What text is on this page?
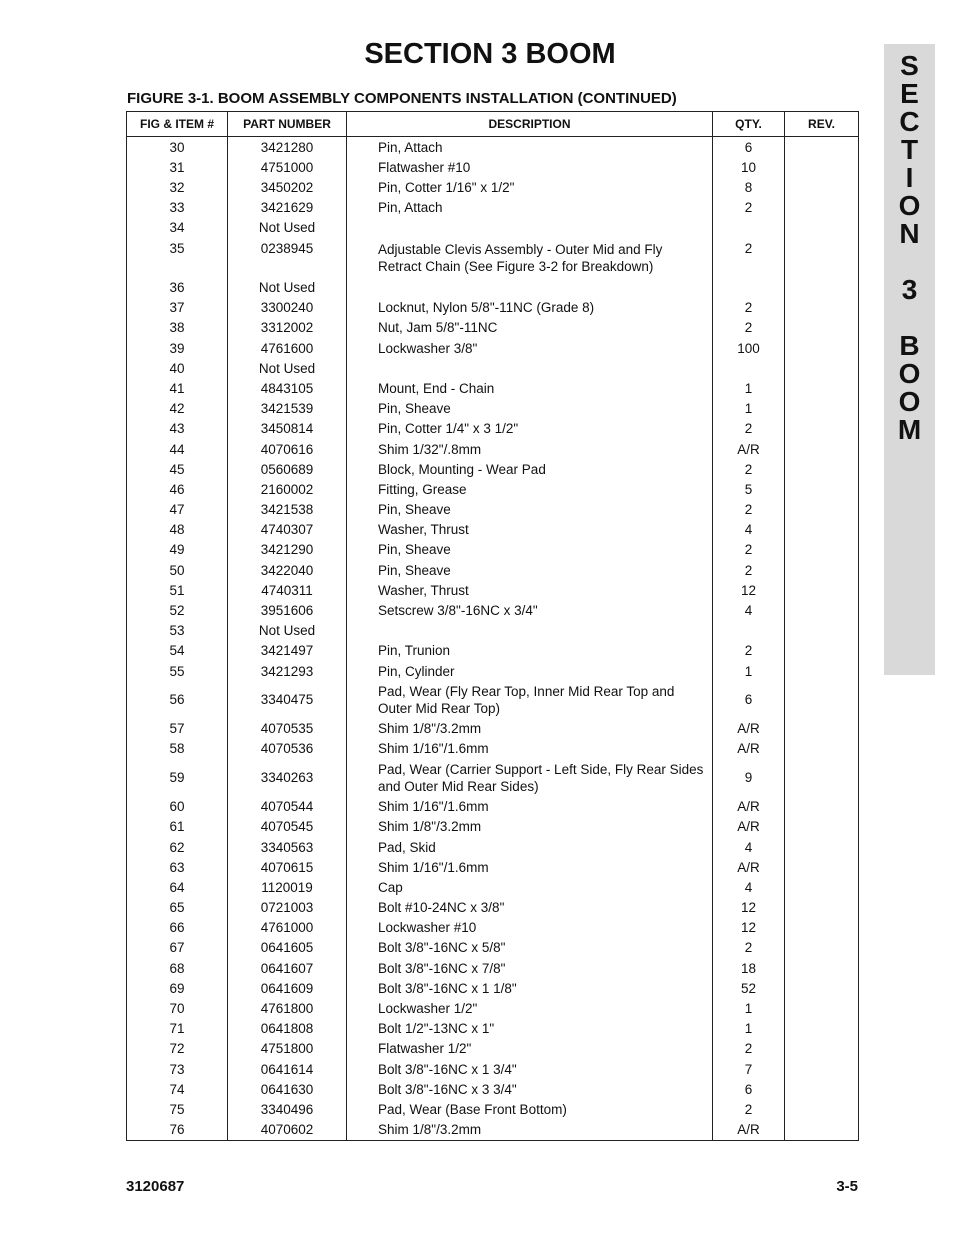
SECTION 3 BOOM	S
E
C
T
I
O
N
3
B
O
O
M
FIGURE 3-1. BOOM ASSEMBLY COMPONENTS INSTALLATION (CONTINUED)
FIG & ITEM #	PART NUMBER	DESCRIPTION	QTY.	REV.
30	3421280	Pin, Attach	6	
31	4751000	Flatwasher #10	10	
32	3450202	Pin, Cotter 1/16" x 1/2"	8	
33	3421629	Pin, Attach	2	
34	Not Used			
35	0238945	Adjustable Clevis Assembly - Outer Mid and Fly Retract Chain (See Figure 3-2 for Breakdown)	2	
36	Not Used			
37	3300240	Locknut, Nylon 5/8"-11NC (Grade 8)	2	
38	3312002	Nut, Jam 5/8"-11NC	2	
39	4761600	Lockwasher 3/8"	100	
40	Not Used			
41	4843105	Mount, End - Chain	1	
42	3421539	Pin, Sheave	1	
43	3450814	Pin, Cotter 1/4" x 3 1/2"	2	
44	4070616	Shim 1/32"/.8mm	A/R	
45	0560689	Block, Mounting - Wear Pad	2	
46	2160002	Fitting, Grease	5	
47	3421538	Pin, Sheave	2	
48	4740307	Washer, Thrust	4	
49	3421290	Pin, Sheave	2	
50	3422040	Pin, Sheave	2	
51	4740311	Washer, Thrust	12	
52	3951606	Setscrew 3/8"-16NC x 3/4"	4	
53	Not Used			
54	3421497	Pin, Trunion	2	
55	3421293	Pin, Cylinder	1	
56	3340475	Pad, Wear (Fly Rear Top, Inner Mid Rear Top and Outer Mid Rear Top)	6	
57	4070535	Shim 1/8"/3.2mm	A/R	
58	4070536	Shim 1/16"/1.6mm	A/R	
59	3340263	Pad, Wear (Carrier Support - Left Side, Fly Rear Sides and Outer Mid Rear Sides)	9	
60	4070544	Shim 1/16"/1.6mm	A/R	
61	4070545	Shim 1/8"/3.2mm	A/R	
62	3340563	Pad, Skid	4	
63	4070615	Shim 1/16"/1.6mm	A/R	
64	1120019	Cap	4	
65	0721003	Bolt #10-24NC x 3/8"	12	
66	4761000	Lockwasher #10	12	
67	0641605	Bolt 3/8"-16NC x 5/8"	2	
68	0641607	Bolt 3/8"-16NC x 7/8"	18	
69	0641609	Bolt 3/8"-16NC x 1 1/8"	52	
70	4761800	Lockwasher 1/2"	1	
71	0641808	Bolt 1/2"-13NC x 1"	1	
72	4751800	Flatwasher 1/2"	2	
73	0641614	Bolt 3/8"-16NC x 1 3/4"	7	
74	0641630	Bolt 3/8"-16NC x 3 3/4"	6	
75	3340496	Pad, Wear (Base Front Bottom)	2	
76	4070602	Shim 1/8"/3.2mm	A/R	
3120687	3-5
